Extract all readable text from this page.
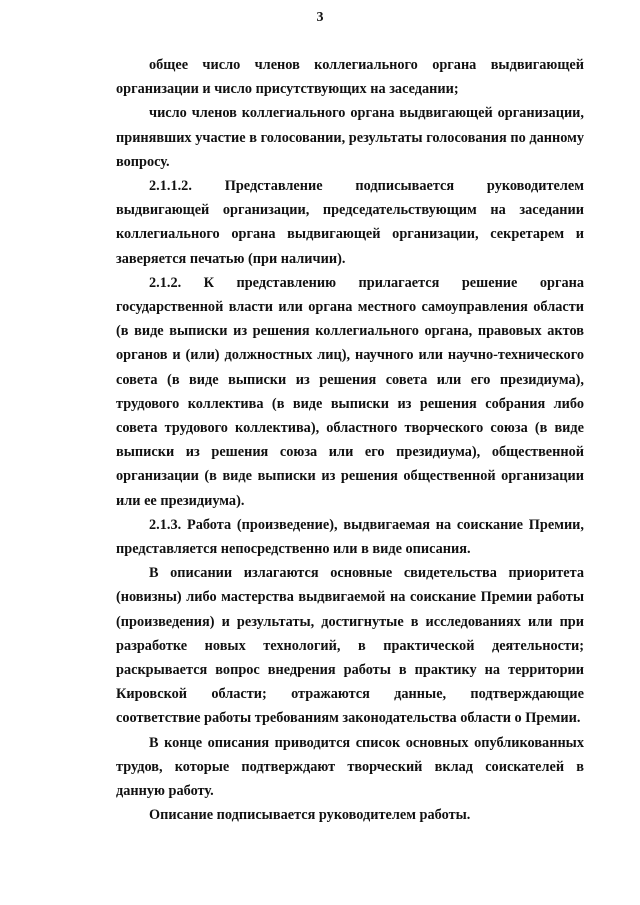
3

общее число членов коллегиального органа выдвигающей организации и число присутствующих на заседании;

число членов коллегиального органа выдвигающей организации, принявших участие в голосовании, результаты голосования по данному вопросу.

2.1.1.2. Представление подписывается руководителем выдвигающей организации, председательствующим на заседании коллегиального органа выдвигающей организации, секретарем и заверяется печатью (при наличии).

2.1.2. К представлению прилагается решение органа государственной власти или органа местного самоуправления области (в виде выписки из решения коллегиального органа, правовых актов органов и (или) должностных лиц), научного или научно-технического совета (в виде выписки из решения совета или его президиума), трудового коллектива (в виде выписки из решения собрания либо совета трудового коллектива), областного творческого союза (в виде выписки из решения союза или его президиума), общественной организации (в виде выписки из решения общественной организации или ее президиума).

2.1.3. Работа (произведение), выдвигаемая на соискание Премии, представляется непосредственно или в виде описания.

В описании излагаются основные свидетельства приоритета (новизны) либо мастерства выдвигаемой на соискание Премии работы (произведения) и результаты, достигнутые в исследованиях или при разработке новых технологий, в практической деятельности; раскрывается вопрос внедрения работы в практику на территории Кировской области; отражаются данные, подтверждающие соответствие работы требованиям законодательства области о Премии.

В конце описания приводится список основных опубликованных трудов, которые подтверждают творческий вклад соискателей в данную работу.

Описание подписывается руководителем работы.
